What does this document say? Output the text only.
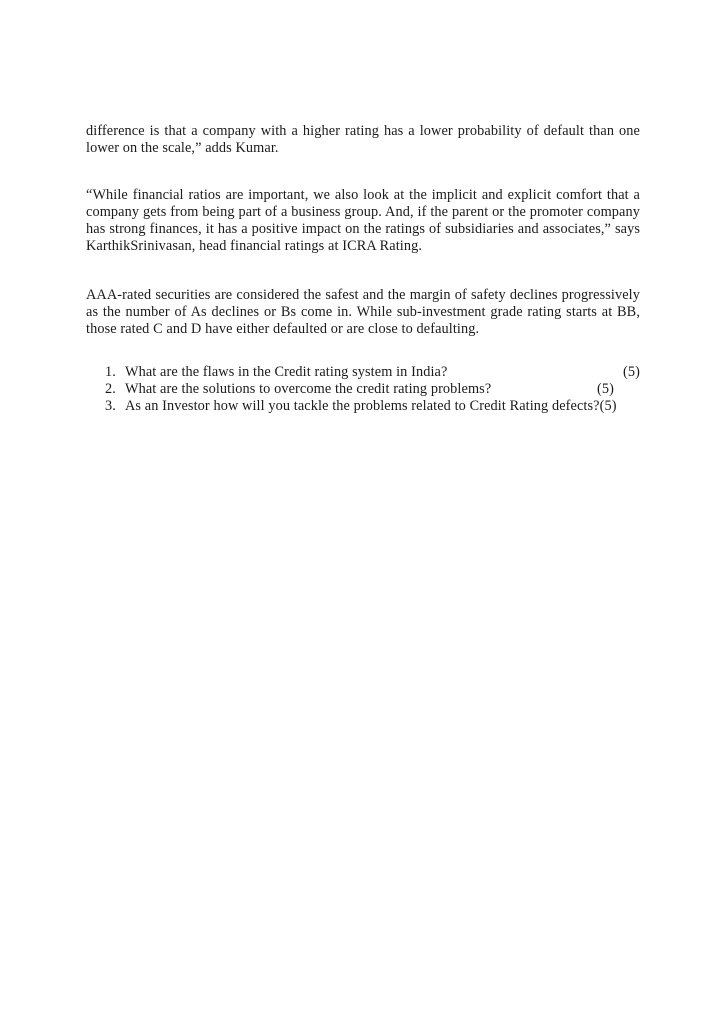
difference is that a company with a higher rating has a lower probability of default than one lower on the scale,” adds Kumar.

“While financial ratios are important, we also look at the implicit and explicit comfort that a company gets from being part of a business group. And, if the parent or the promoter company has strong finances, it has a positive impact on the ratings of subsidiaries and associates,” says KarthikSrinivasan, head financial ratings at ICRA Rating.

AAA-rated securities are considered the safest and the margin of safety declines progressively as the number of As declines or Bs come in. While sub-investment grade rating starts at BB, those rated C and D have either defaulted or are close to defaulting.

1. What are the flaws in the Credit rating system in India?	(5)
2. What are the solutions to overcome the credit rating problems?	(5)
3. As an Investor how will you tackle the problems related to Credit Rating defects?(5)
